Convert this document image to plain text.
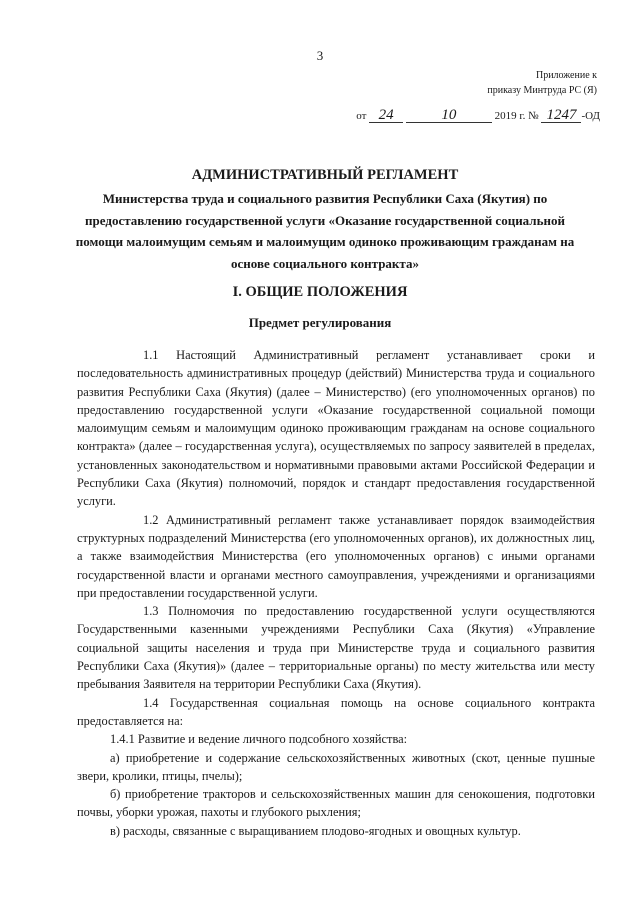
3
Приложение к
приказу Минтруда РС (Я)
от 24	10	2019 г. № 1247 -ОД
АДМИНИСТРАТИВНЫЙ РЕГЛАМЕНТ
Министерства труда и социального развития Республики Саха (Якутия) по предоставлению государственной услуги «Оказание государственной социальной помощи малоимущим семьям и малоимущим одиноко проживающим гражданам на основе социального контракта»
I. ОБЩИЕ ПОЛОЖЕНИЯ
Предмет регулирования

1.1 Настоящий Административный регламент устанавливает сроки и последовательность административных процедур (действий) Министерства труда и социального развития Республики Саха (Якутия) (далее – Министерство) (его уполномоченных органов) по предоставлению государственной услуги «Оказание государственной социальной помощи малоимущим семьям и малоимущим одиноко проживающим гражданам на основе социального контракта» (далее – государственная услуга), осуществляемых по запросу заявителей в пределах, установленных законодательством и нормативными правовыми актами Российской Федерации и Республики Саха (Якутия) полномочий, порядок и стандарт предоставления государственной услуги.

1.2 Административный регламент также устанавливает порядок взаимодействия структурных подразделений Министерства (его уполномоченных органов), их должностных лиц, а также взаимодействия Министерства (его уполномоченных органов) с иными органами государственной власти и органами местного самоуправления, учреждениями и организациями при предоставлении государственной услуги.

1.3 Полномочия по предоставлению государственной услуги осуществляются Государственными казенными учреждениями Республики Саха (Якутия) «Управление социальной защиты населения и труда при Министерстве труда и социального развития Республики Саха (Якутия)» (далее – территориальные органы) по месту жительства или месту пребывания Заявителя на территории Республики Саха (Якутия).

1.4 Государственная социальная помощь на основе социального контракта предоставляется на:

1.4.1 Развитие и ведение личного подсобного хозяйства:

а) приобретение и содержание сельскохозяйственных животных (скот, ценные пушные звери, кролики, птицы, пчелы);

б) приобретение тракторов и сельскохозяйственных машин для сенокошения, подготовки почвы, уборки урожая, пахоты и глубокого рыхления;

в) расходы, связанные с выращиванием плодово-ягодных и овощных культур.
